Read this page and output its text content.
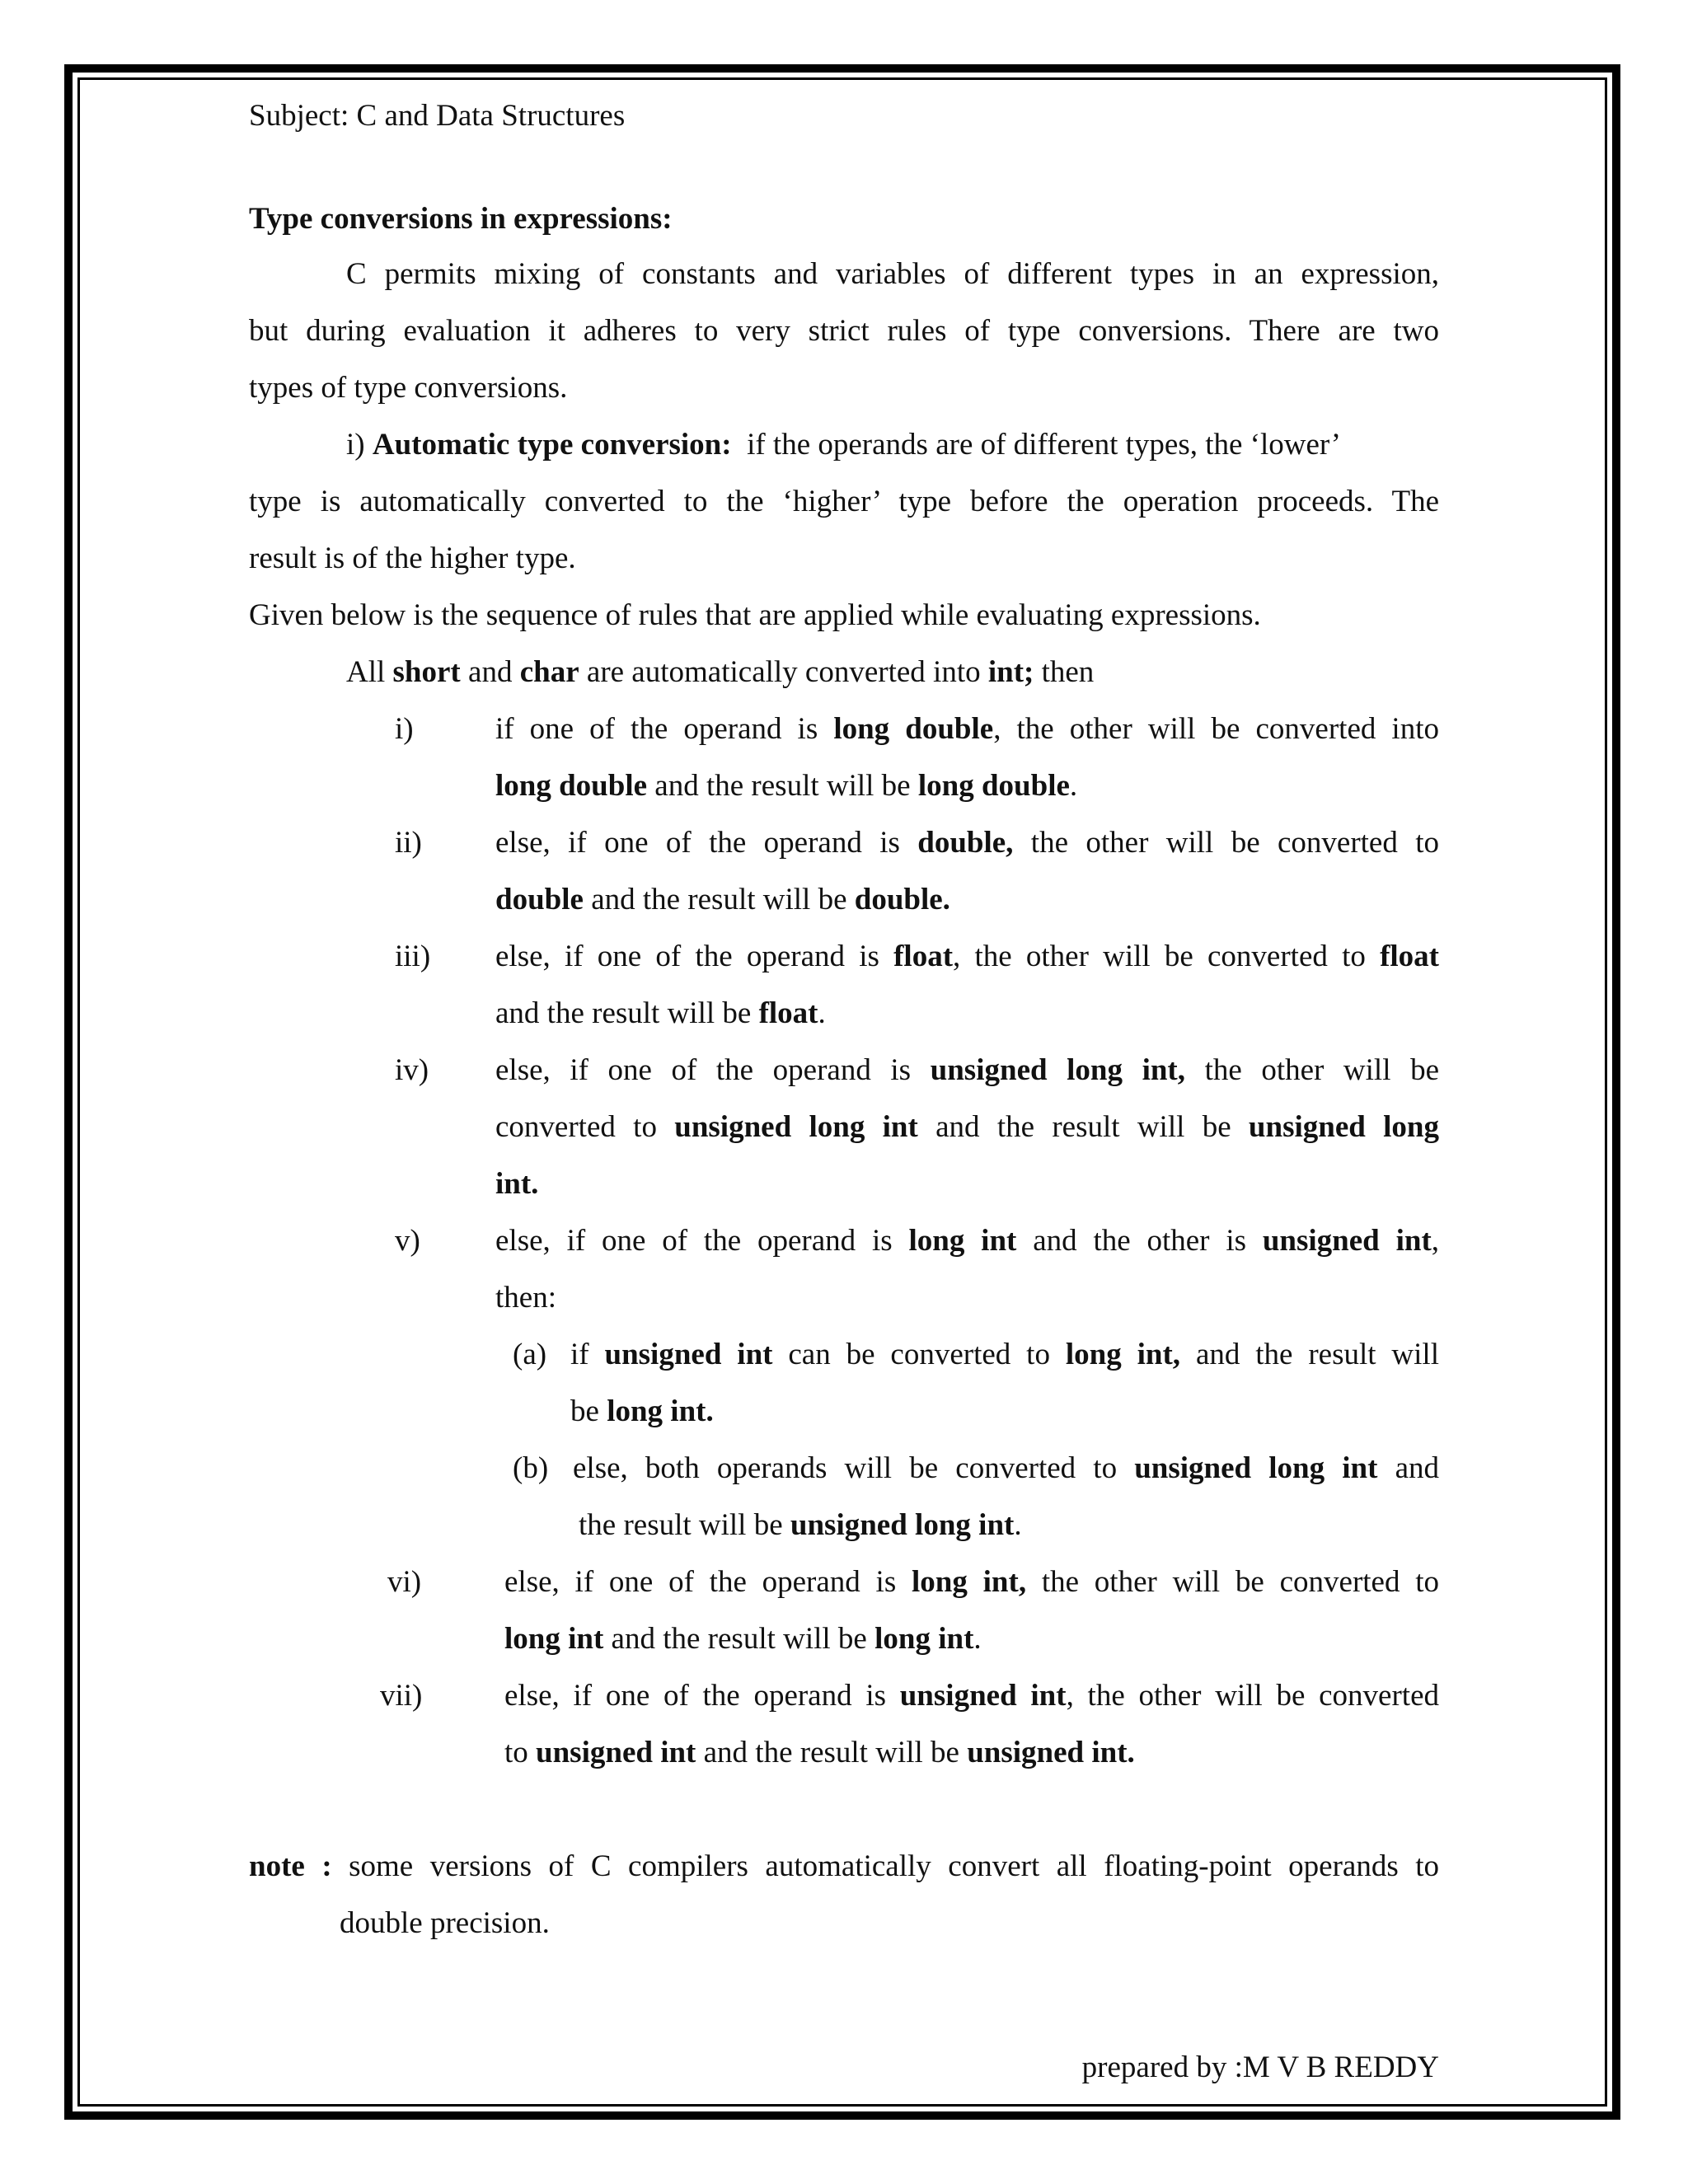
Subject: C and Data Structures
Type conversions in expressions:
C permits mixing of constants and variables of different types in an expression,
but during evaluation it adheres to very strict rules of type conversions. There are two
types of type conversions.
i) Automatic type conversion: if the operands are of different types, the ‘lower’
type is automatically converted to the ‘higher’ type before the operation proceeds. The
result is of the higher type.
Given below is the sequence of rules that are applied while evaluating expressions.
All short and char are automatically converted into int; then
i)	if one of the operand is long double, the other will be converted into
long double and the result will be long double.
ii) else, if one of the operand is double, the other will be converted to
double and the result will be double.
iii) else, if one of the operand is float, the other will be converted to float
and the result will be float.
iv) else, if one of the operand is unsigned long int, the other will be
converted to unsigned long int and the result will be unsigned long
int.
v) else, if one of the operand is long int and the other is unsigned int,
then:
(a) if unsigned int can be converted to long int, and the result will
be long int.
(b) else, both operands will be converted to unsigned long int and
the result will be unsigned long int.
vi)	else, if one of the operand is long int, the other will be converted to
long int and the result will be long int.
vii)	else, if one of the operand is unsigned int, the other will be converted
to unsigned int and the result will be unsigned int.
note : some versions of C compilers automatically convert all floating-point operands to
double precision.
prepared by :M V B REDDY
